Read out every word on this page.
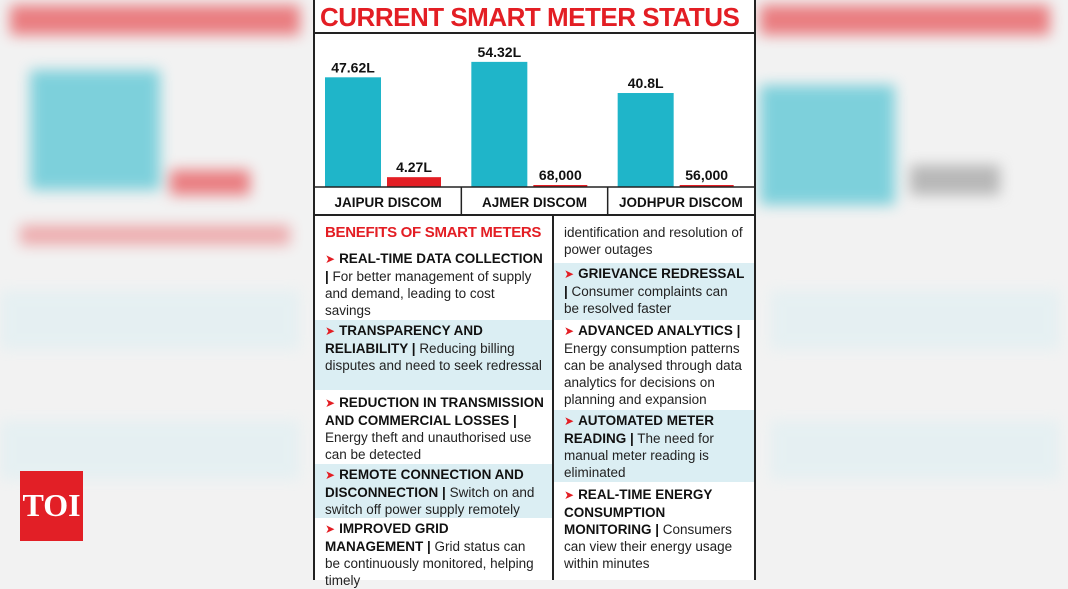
CURRENT SMART METER STATUS
47.62L
4.27L
JAIPUR DISCOM
54.32L
68,000
AJMER DISCOM
40.8L
56,000
JODHPUR DISCOM
BENEFITS OF SMART METERS
➤ REAL-TIME DATA COLLECTION | For better management of supply and demand, leading to cost savings
➤ TRANSPARENCY AND RELIABILITY | Reducing billing disputes and need to seek redressal
➤ REDUCTION IN TRANSMISSION AND COMMERCIAL LOSSES | Energy theft and unauthorised use can be detected
➤ REMOTE CONNECTION AND DISCONNECTION | Switch on and switch off power supply remotely
➤ IMPROVED GRID MANAGEMENT | Grid status can be continuously monitored, helping timely
identification and resolution of power outages
➤ GRIEVANCE REDRESSAL | Consumer complaints can be resolved faster
➤ ADVANCED ANALYTICS | Energy consumption patterns can be analysed through data analytics for decisions on planning and expansion
➤ AUTOMATED METER READING | The need for manual meter reading is eliminated
➤ REAL-TIME ENERGY CONSUMPTION MONITORING | Consumers can view their energy usage within minutes
TOI
